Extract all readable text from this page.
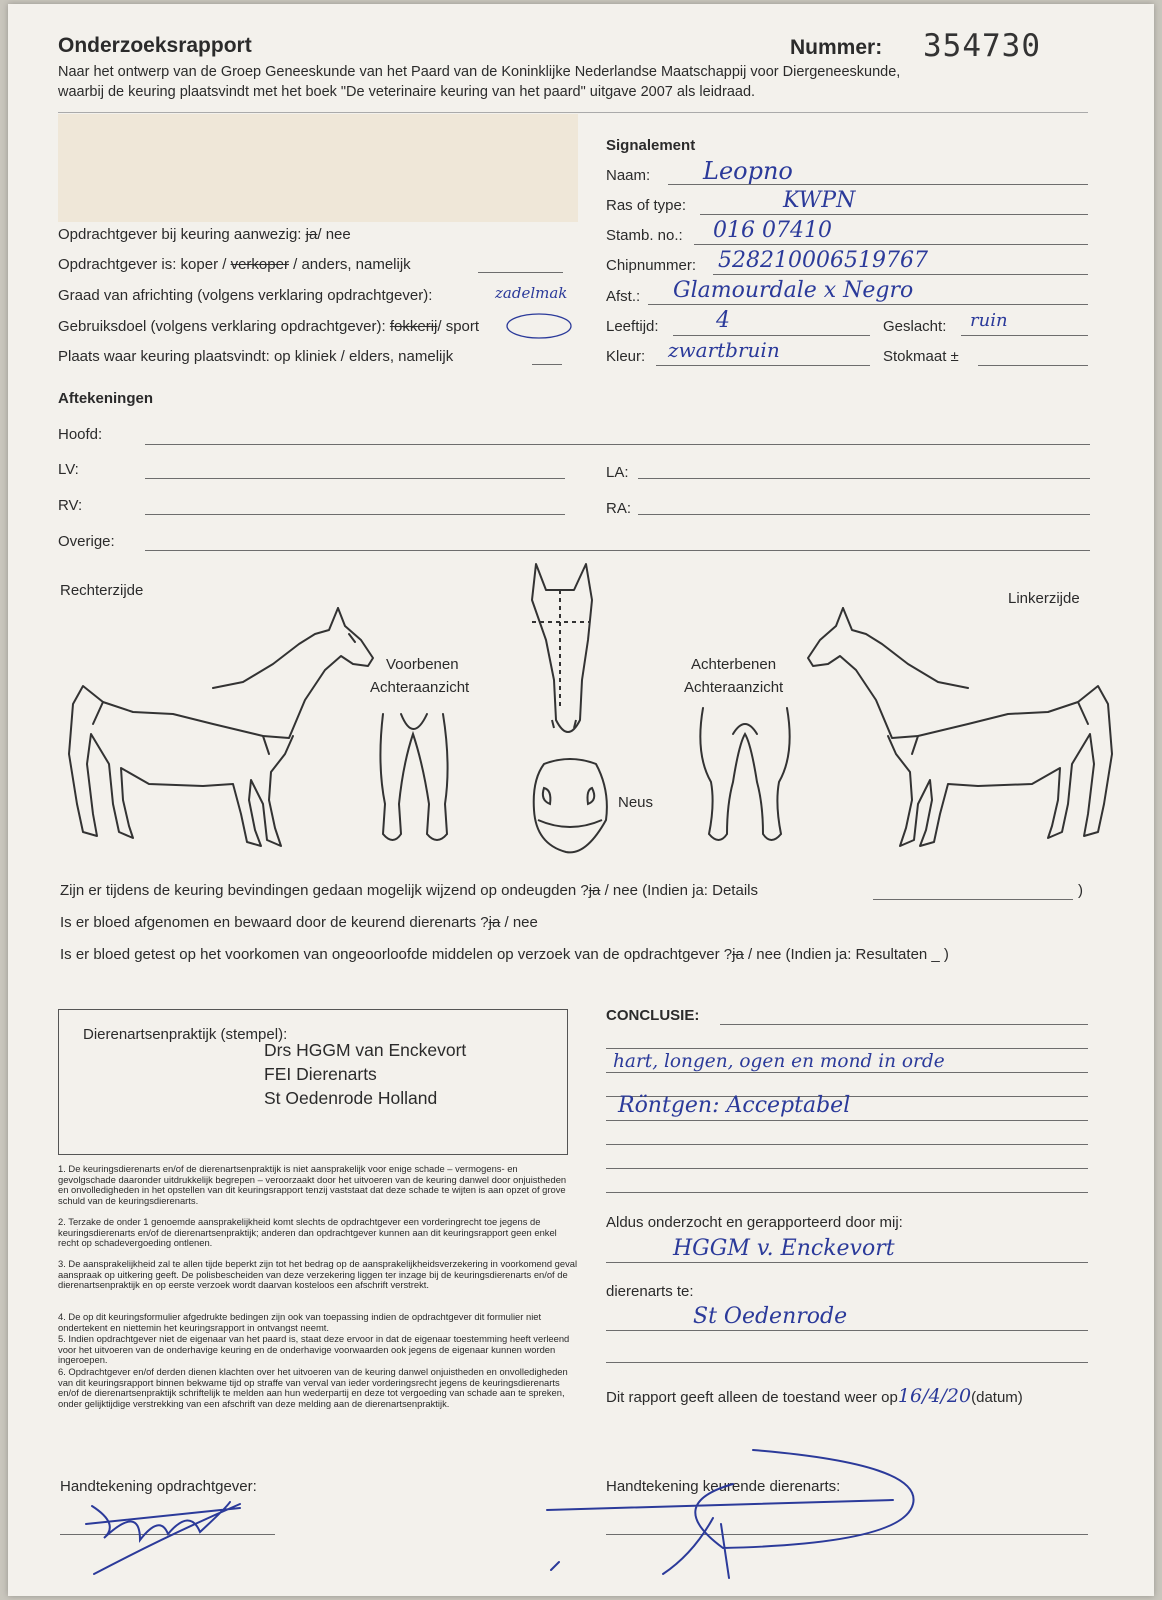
Onderzoeksrapport	Nummer: 354730
Naar het ontwerp van de Groep Geneeskunde van het Paard van de Koninklijke Nederlandse Maatschappij voor Diergeneeskunde,
waarbij de keuring plaatsvindt met het boek "De veterinaire keuring van het paard" uitgave 2007 als leidraad.
Opdrachtgever bij keuring aanwezig: ja/ nee
Opdrachtgever is: koper / verkoper / anders, namelijk
Graad van africhting (volgens verklaring opdrachtgever):	zadelmak
Gebruiksdoel (volgens verklaring opdrachtgever): fokkerij/ sport
Plaats waar keuring plaatsvindt: op kliniek / elders, namelijk
Signalement
Naam: Leopno
Ras of type:	KWPN
Stamb. no.: 016 07410
Chipnummer: 528210006519767
Afst.: Glamourdale x Negro
Leeftijd:	4	Geslacht: ruin
Kleur: zwartbruin	Stokmaat ±
Aftekeningen
Hoofd:
LV:	LA:
RV:	RA:
Overige:
Rechterzijde	Linkerzijde
Voorbenen
Achteraanzicht
Achterbenen
Achteraanzicht
Neus
Zijn er tijdens de keuring bevindingen gedaan mogelijk wijzend op ondeugden ?ja / nee (Indien ja: Details	)
Is er bloed afgenomen en bewaard door de keurend dierenarts ?ja / nee
Is er bloed getest op het voorkomen van ongeoorloofde middelen op verzoek van de opdrachtgever ?ja / nee (Indien ja: Resultaten _ )
Dierenartsenpraktijk (stempel):
Drs HGGM van Enckevort
FEI Dierenarts
St Oedenrode Holland
CONCLUSIE:
hart, longen, ogen en mond in orde
Röntgen: Acceptabel
1. De keuringsdierenarts en/of de dierenartsenpraktijk is niet aansprakelijk voor enige schade – vermogens- en gevolgschade daaronder uitdrukkelijk begrepen – veroorzaakt door het uitvoeren van de keuring danwel door onjuistheden en onvolledigheden in het opstellen van dit keuringsrapport tenzij vaststaat dat deze schade te wijten is aan opzet of grove schuld van de keuringsdierenarts.
2. Terzake de onder 1 genoemde aansprakelijkheid komt slechts de opdrachtgever een vorderingrecht toe jegens de keuringsdierenarts en/of de dierenartsenpraktijk; anderen dan opdrachtgever kunnen aan dit keuringsrapport geen enkel recht op schadevergoeding ontlenen.
3. De aansprakelijkheid zal te allen tijde beperkt zijn tot het bedrag op de aansprakelijkheidsverzekering in voorkomend geval aanspraak op uitkering geeft. De polisbescheiden van deze verzekering liggen ter inzage bij de keuringsdierenarts en/of de dierenartsenpraktijk en op eerste verzoek wordt daarvan kosteloos een afschrift verstrekt.
4. De op dit keuringsformulier afgedrukte bedingen zijn ook van toepassing indien de opdrachtgever dit formulier niet ondertekent en niettemin het keuringsrapport in ontvangst neemt.
5. Indien opdrachtgever niet de eigenaar van het paard is, staat deze ervoor in dat de eigenaar toestemming heeft verleend voor het uitvoeren van de onderhavige keuring en de onderhavige voorwaarden ook jegens de eigenaar kunnen worden ingeroepen.
6. Opdrachtgever en/of derden dienen klachten over het uitvoeren van de keuring danwel onjuistheden en onvolledigheden van dit keuringsrapport binnen bekwame tijd op straffe van verval van ieder vorderingsrecht jegens de keuringsdierenarts en/of de dierenartsenpraktijk schriftelijk te melden aan hun wederpartij en deze tot vergoeding van schade aan te spreken, onder gelijktijdige verstrekking van een afschrift van deze melding aan de dierenartsenpraktijk.
Aldus onderzocht en gerapporteerd door mij:
HGGM v. Enckevort
dierenarts te:
St Oedenrode
Dit rapport geeft alleen de toestand weer op16/4/20(datum)
Handtekening opdrachtgever:	Handtekening keurende dierenarts:
